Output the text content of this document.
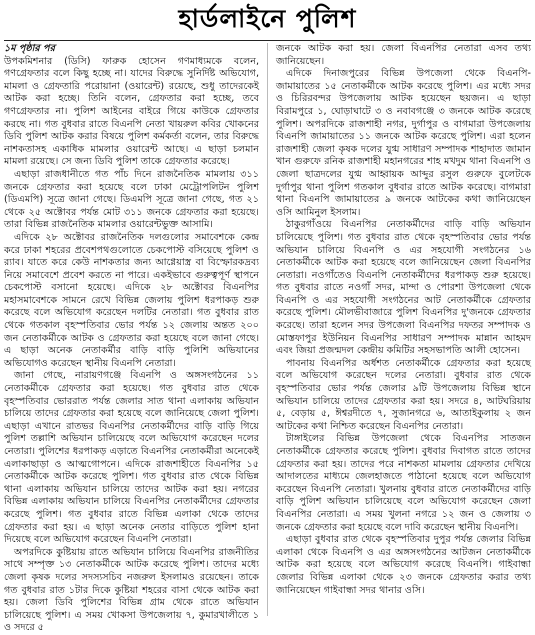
হার্ডলাইনে পুলিশ

১ম পৃষ্ঠার পর

উপকমিশনার (ডিসি) ফারুক হোসেন গণমাধ্যমকে বলেন, গণগ্রেফতার বলে কিছু হচ্ছে না। যাদের বিরুদ্ধে সুনির্দিষ্ট অভিযোগ, মামলা ও গ্রেফতারি পরোয়ানা (ওয়ারেন্ট) রয়েছে, শুধু তাদেরকেই আটক করা হচ্ছে। তিনি বলেন, গ্রেফতার করা হচ্ছে, তবে গণগ্রেফতার না। পুলিশ আইনের বাইরে গিয়ে কাউকে গ্রেফতার করছে না। গত বুধবার রাতে বিএনপি নেতা খায়রুল কবির খোকনের ডিবি পুলিশ আটক করার বিষয়ে পুলিশ কর্মকর্তা বলেন, তার বিরুদ্ধে নাশকতাসহ একাধিক মামলার ওয়ারেন্ট আছে। এ ছাড়া চলমান মামলা রয়েছে। সে জন্য ডিবি পুলিশ তাকে গ্রেফতার করেছে।

এছাড়া রাজধানীতে গত পাঁচ দিনে রাজনৈতিক মামলায় ৩১১ জনকে গ্রেফতার করা হয়েছে বলে ঢাকা মেট্রোপলিটন পুলিশ (ডিএমপি) সূত্রে জানা গেছে। ডিএমপি সূত্রে জানা গেছে, গত ২১ থেকে ২৫ অক্টোবর পর্যন্ত মোট ৩১১ জনকে গ্রেফতার করা হয়েছে। তারা বিভিন্ন রাজনৈতিক মামলার ওয়ারেন্টভুক্ত আসামি।

এদিকে ২৮ অক্টোবর রাজনৈতিক দলগুলোর সমাবেশকে কেন্দ্র করে ঢাকা শহরের প্রবেশপথগুলোতে চেকপোস্ট বসিয়েছে পুলিশ ও র‍্যাব। যাতে করে কেউ নাশকতার জন্য আগ্নেয়াস্ত্র বা বিস্ফোরকদ্রব্য নিয়ে সমাবেশে প্রবেশ করতে না পারে। একইভাবে গুরুত্বপূর্ণ স্থাপনে চেকপোস্ট বসানো হয়েছে। এদিকে ২৮ অক্টোবর বিএনপির মহাসমাবেশকে সামনে রেখে বিভিন্ন জেলায় পুলিশ ধরপাকড় শুরু করেছে বলে অভিযোগ করেছেন দলটির নেতারা। গত বুধবার রাত থেকে গতকাল বৃহস্পতিবার ভোর পর্যন্ত ১২ জেলায় অন্তত ২০০ জন নেতাকর্মীকে আটক ও গ্রেফতার করা হয়েছে বলে জানা গেছে। এ ছাড়া অনেক নেতাকর্মীর বাড়ি বাড়ি পুলিশি অভিযানের অভিযোগও করেছেন স্থানীয় বিএনপি নেতারা।

জানা গেছে, নারায়ণগঞ্জে বিএনপি ও অঙ্গসংগঠনের ১১ নেতাকর্মীকে গ্রেফতার করা হয়েছে। গত বুধবার রাত থেকে বৃহস্পতিবার ভোররাত পর্যন্ত জেলার সাত থানা এলাকায় অভিযান চালিয়ে তাদের গ্রেফতার করা হয়েছে বলে জানিয়েছে জেলা পুলিশ। এছাড়া এখানে রাতভর বিএনপির নেতাকর্মীদের বাড়ি বাড়ি গিয়ে পুলিশ তল্লাশি অভিযান চালিয়েছে বলে অভিযোগ করেছেন দলের নেতারা। পুলিশের ধরপাকড় এড়াতে বিএনপির নেতাকর্মীরা অনেকেই এলাকাছাড়া ও আত্মগোপনে। এদিকে রাজশাহীতে বিএনপির ১৫ নেতাকর্মীকে আটক করেছে পুলিশ। গত বুধবার রাত থেকে বিভিন্ন থানা এলাকায় অভিযান চালিয়ে তাদের আটক করা হয়। নগরের বিভিন্ন এলাকায় অভিযান চালিয়ে বিএনপির নেতাকর্মীদের গ্রেফতার করেছে পুলিশ। গত বুধবার রাতে বিভিন্ন এলাকা থেকে তাদের গ্রেফতার করা হয়। এ ছাড়া অনেক নেতার বাড়িতে পুলিশ হানা দিয়েছে বলে অভিযোগ করেছেন বিএনপি নেতারা।

অপরদিকে কুষ্টিয়ায় রাতে অভিযান চালিয়ে বিএনপির রাজনীতির সাথে সম্পৃক্ত ১৩ নেতাকর্মীকে আটক করেছে পুলিশ। তাদের মধ্যে জেলা কৃষক দলের সদস্যসচিব নজরুল ইসলামও রয়েছেন। তাকে গত বুধবার রাত ১টার দিকে কুষ্টিয়া শহরের বাসা থেকে আটক করা হয়। জেলা ডিবি পুলিশের বিভিন্ন গ্রাম থেকে রাতে অভিযান চালিয়েছে পুলিশ। এ সময় খোকসা উপজেলায় ৭, কুমারখালীতে ১ ও সদরে ৫

জনকে আটক করা হয়। জেলা বিএনপির নেতারা এসব তথ্য জানিয়েছেন।

এদিকে দিনাজপুরের বিভিন্ন উপজেলা থেকে বিএনপি-জামায়াতের ১৫ নেতাকর্মীকে আটক করেছে পুলিশ। এর মধ্যে সদর ও চিরিরবন্দর উপজেলায় আটক হয়েছেন ছয়জন। এ ছাড়া বিরামপুরে ১, ঘোড়াঘাটে ৩ ও নবাবগঞ্জে ৩ জনকে আটক করেছে পুলিশ। অপরদিকে রাজশাহী নগর, দুর্গাপুর ও বাগমারা উপজেলায় বিএনপি জামায়াতের ১১ জনকে আটক করেছে পুলিশ। এরা হলেন রাজশাহী জেলা কৃষক দলের যুগ্ম সাধারণ সম্পাদক শাহাদাত জামান খান গুরুফে রনিক রাজশাহী মহানগরের শাহ মখদুম থানা বিএনপি ও জেলা ছাত্রদলের যুগ্ম আহ্বায়ক আব্দুর রসুল গুরুফে বুলেটকে দুর্গাপুর থানা পুলিশ গতকাল বুধবার রাতে আটক করেছে। বাগমারা থানা বিএনপি জামায়াতের ৯ জনকে আটকের কথা জানিয়েছেন ওসি আমিনুল ইসলাম।

ঠাকুরগাঁওয়ে বিএনপির নেতাকর্মীদের বাড়ি বাড়ি অভিযান চালিয়েছে পুলিশ। গত বুধবার রাত থেকে বৃহস্পতিবার ভোর পর্যন্ত অভিযান চালিয়ে বিএনপি ও এর সহযোগী সংগঠনের ১৬ নেতাকর্মীকে আটক করা হয়েছে বলে জানিয়েছেন জেলা বিএনপির নেতারা। নওগাঁতেও বিএনপি নেতাকর্মীদের ধরপাকড় শুরু হয়েছে। গত বুধবার রাতে নওগাঁ সদর, মান্দা ও পোরশা উপজেলা থেকে বিএনপি ও এর সহযোগী সংগঠনের আট নেতাকর্মীকে গ্রেফতার করেছে পুলিশ। মৌলভীবাজারে পুলিশ বিএনপির দু'জনকে গ্রেফতার করেছে। তারা হলেন সদর উপজেলা বিএনপির দফতর সম্পাদক ও মোস্তফাপুর ইউনিয়ন বিএনপির সাধারণ সম্পাদক মান্নান আহমদ এবং জিয়া প্রজন্মদল কেন্দ্রীয় কমিটির সহসভাপতি আলী হোসেন।

পাবনায় বিএনপির অর্ধশত নেতাকর্মীকে গ্রেফতার করা হয়েছে বলে অভিযোগ করেছেন দলের নেতারা। বুধবার রাত থেকে বৃহস্পতিবার ভোর পর্যন্ত জেলার ৯টি উপজেলায় বিভিন্ন স্থানে অভিযান চালিয়ে তাদের গ্রেফতার করা হয়। সদরে ৪, আটঘরিয়ায় ৫, বেড়ায় ৫, ঈশ্বরদীতে ৭, সুজানগরে ৬, আতাইকুলায় ২ জন আটকের কথা নিশ্চিত করেছেন বিএনপির নেতারা।

টাঙ্গাইলের বিভিন্ন উপজেলা থেকে বিএনপির সাতজন নেতাকর্মীকে গ্রেফতার করেছে পুলিশ। বুধবার দিবাগত রাতে তাদের গ্রেফতার করা হয়। তাদের পরে নাশকতা মামলায় গ্রেফতার দেখিয়ে আদালতের মাধ্যমে জেলহাজতে পাঠানো হয়েছে বলে অভিযোগ করেছেন বিএনপি নেতারা। খুলনায় বুধবার রাতে নেতাকর্মীদের বাড়ি বাড়ি পুলিশ অভিযান চালিয়েছে বলে অভিযোগ করেছেন জেলা বিএনপির নেতারা। এ সময় খুলনা নগরে ১২ জন ও জেলায় ৩ জনকে গ্রেফতার করা হয়েছে বলে দাবি করেছেন স্থানীয় বিএনপি।

এছাড়া বুধবার রাত থেকে বৃহস্পতিবার দুপুর পর্যন্ত জেলার বিভিন্ন এলাকা থেকে বিএনপি ও এর অঙ্গসংগঠনের আটজন নেতাকর্মীকে আটক করা হয়েছে বলে অভিযোগ করেছে বিএনপি। গাইবান্ধা জেলার বিভিন্ন এলাকা থেকে ২৩ জনকে গ্রেফতার করার তথ্য জানিয়েছেন গাইবান্ধা সদর থানার ওসি।
